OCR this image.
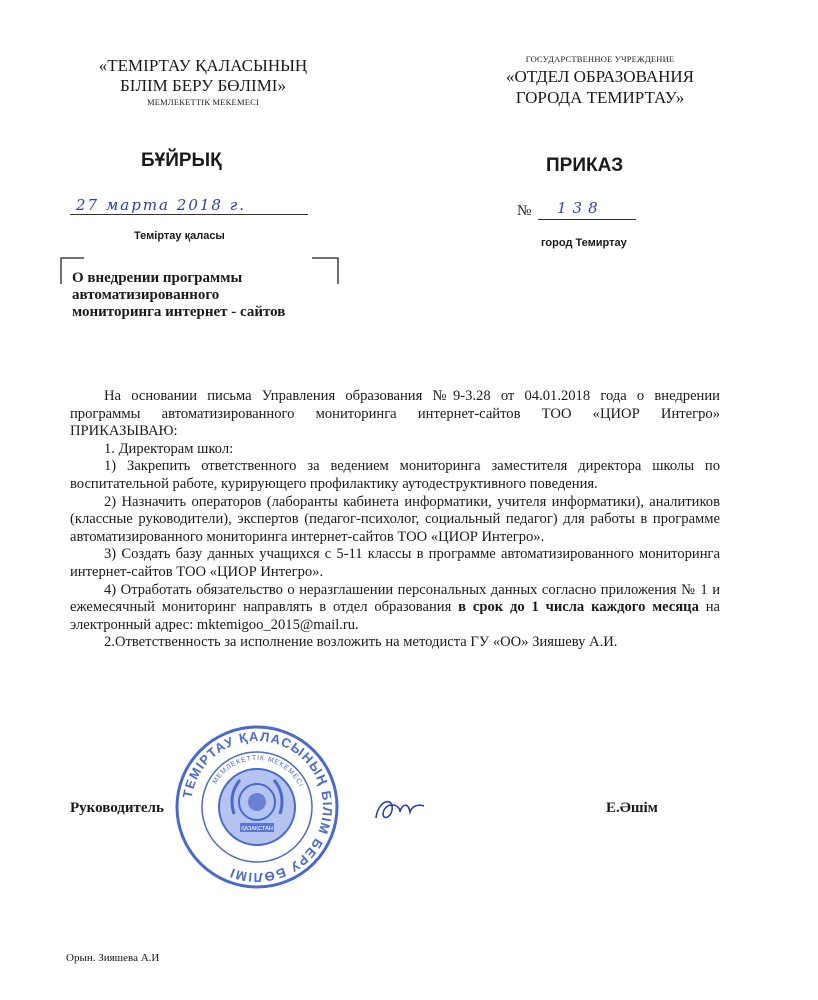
«ТЕМІРТАУ ҚАЛАСЫНЫҢ
БІЛІМ БЕРУ БӨЛІМІ»
МЕМЛЕКЕТТІК МЕКЕМЕСІ
ГОСУДАРСТВЕННОЕ УЧРЕЖДЕНИЕ
«ОТДЕЛ ОБРАЗОВАНИЯ
ГОРОДА ТЕМИРТАУ»
БҰЙРЫҚ	ПРИКАЗ
27 марта 2018 г.
Теміртау қаласы
№ 138
город Темиртау
О внедрении программы
автоматизированного
мониторинга интернет - сайтов

На основании письма Управления образования №9-3.28 от 04.01.2018 года о внедрении программы автоматизированного мониторинга интернет-сайтов ТОО «ЦИОР Интегро» ПРИКАЗЫВАЮ:

1. Директорам школ:

1) Закрепить ответственного за ведением мониторинга заместителя директора школы по воспитательной работе, курирующего профилактику аутодеструктивного поведения.

2) Назначить операторов (лаборанты кабинета информатики, учителя информатики), аналитиков (классные руководители), экспертов (педагог-психолог, социальный педагог) для работы в программе автоматизированного мониторинга интернет-сайтов ТОО «ЦИОР Интегро».

3) Создать базу данных учащихся с 5-11 классы в программе автоматизированного мониторинга интернет-сайтов ТОО «ЦИОР Интегро».

4) Отработать обязательство о неразглашении персональных данных согласно приложения № 1 и ежемесячный мониторинг направлять в отдел образования в срок до 1 числа каждого месяца на электронный адрес: mktemigoo_2015@mail.ru.

2.Ответственность за исполнение возложить на методиста ГУ «ОО» Зияшеву А.И.

ТЕМІРТАУ ҚАЛАСЫНЫҢ БІЛІМ БЕРУ БӨЛІМІ
МЕМЛЕКЕТТІК МЕКЕМЕСІ
ҚАЗАҚСТАН
Руководитель	Е.Әшім
Орын. Зияшева А.И
